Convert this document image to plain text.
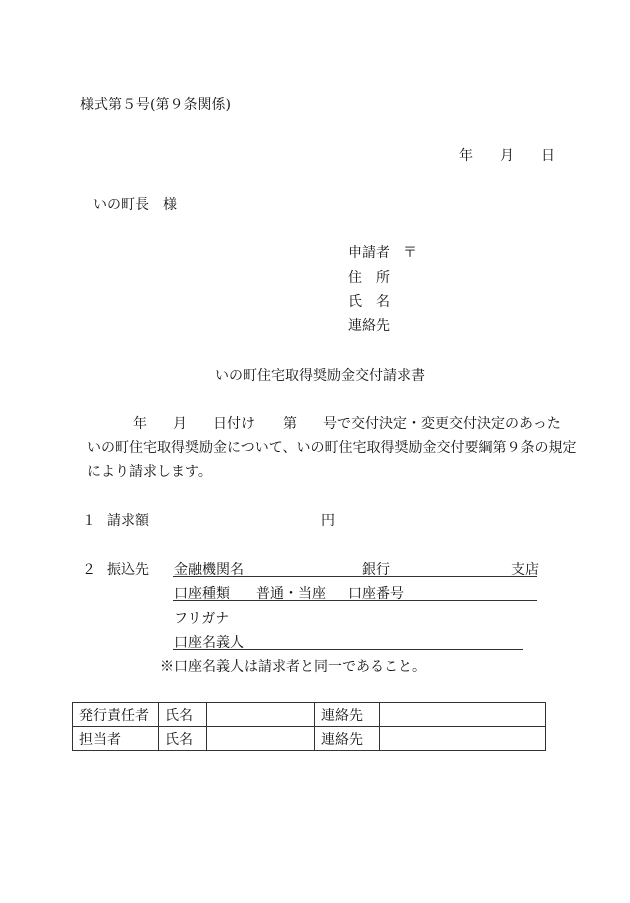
様式第５号(第９条関係)
年 月 日
いの町長　様
申請者 〒
住　所
氏　名
連絡先
いの町住宅取得奨励金交付請求書
年 月 日付け 第 号で交付決定・変更交付決定のあった
いの町住宅取得奨励金について、いの町住宅取得奨励金交付要綱第９条の規定
により請求します。
１ 請求額	円
２ 振込先 金融機関名	銀行	支店
口座種類 普通・当座 口座番号
フリガナ
口座名義人
※口座名義人は請求者と同一であること。
発行責任者	氏名		連絡先	
担当者	氏名		連絡先	
